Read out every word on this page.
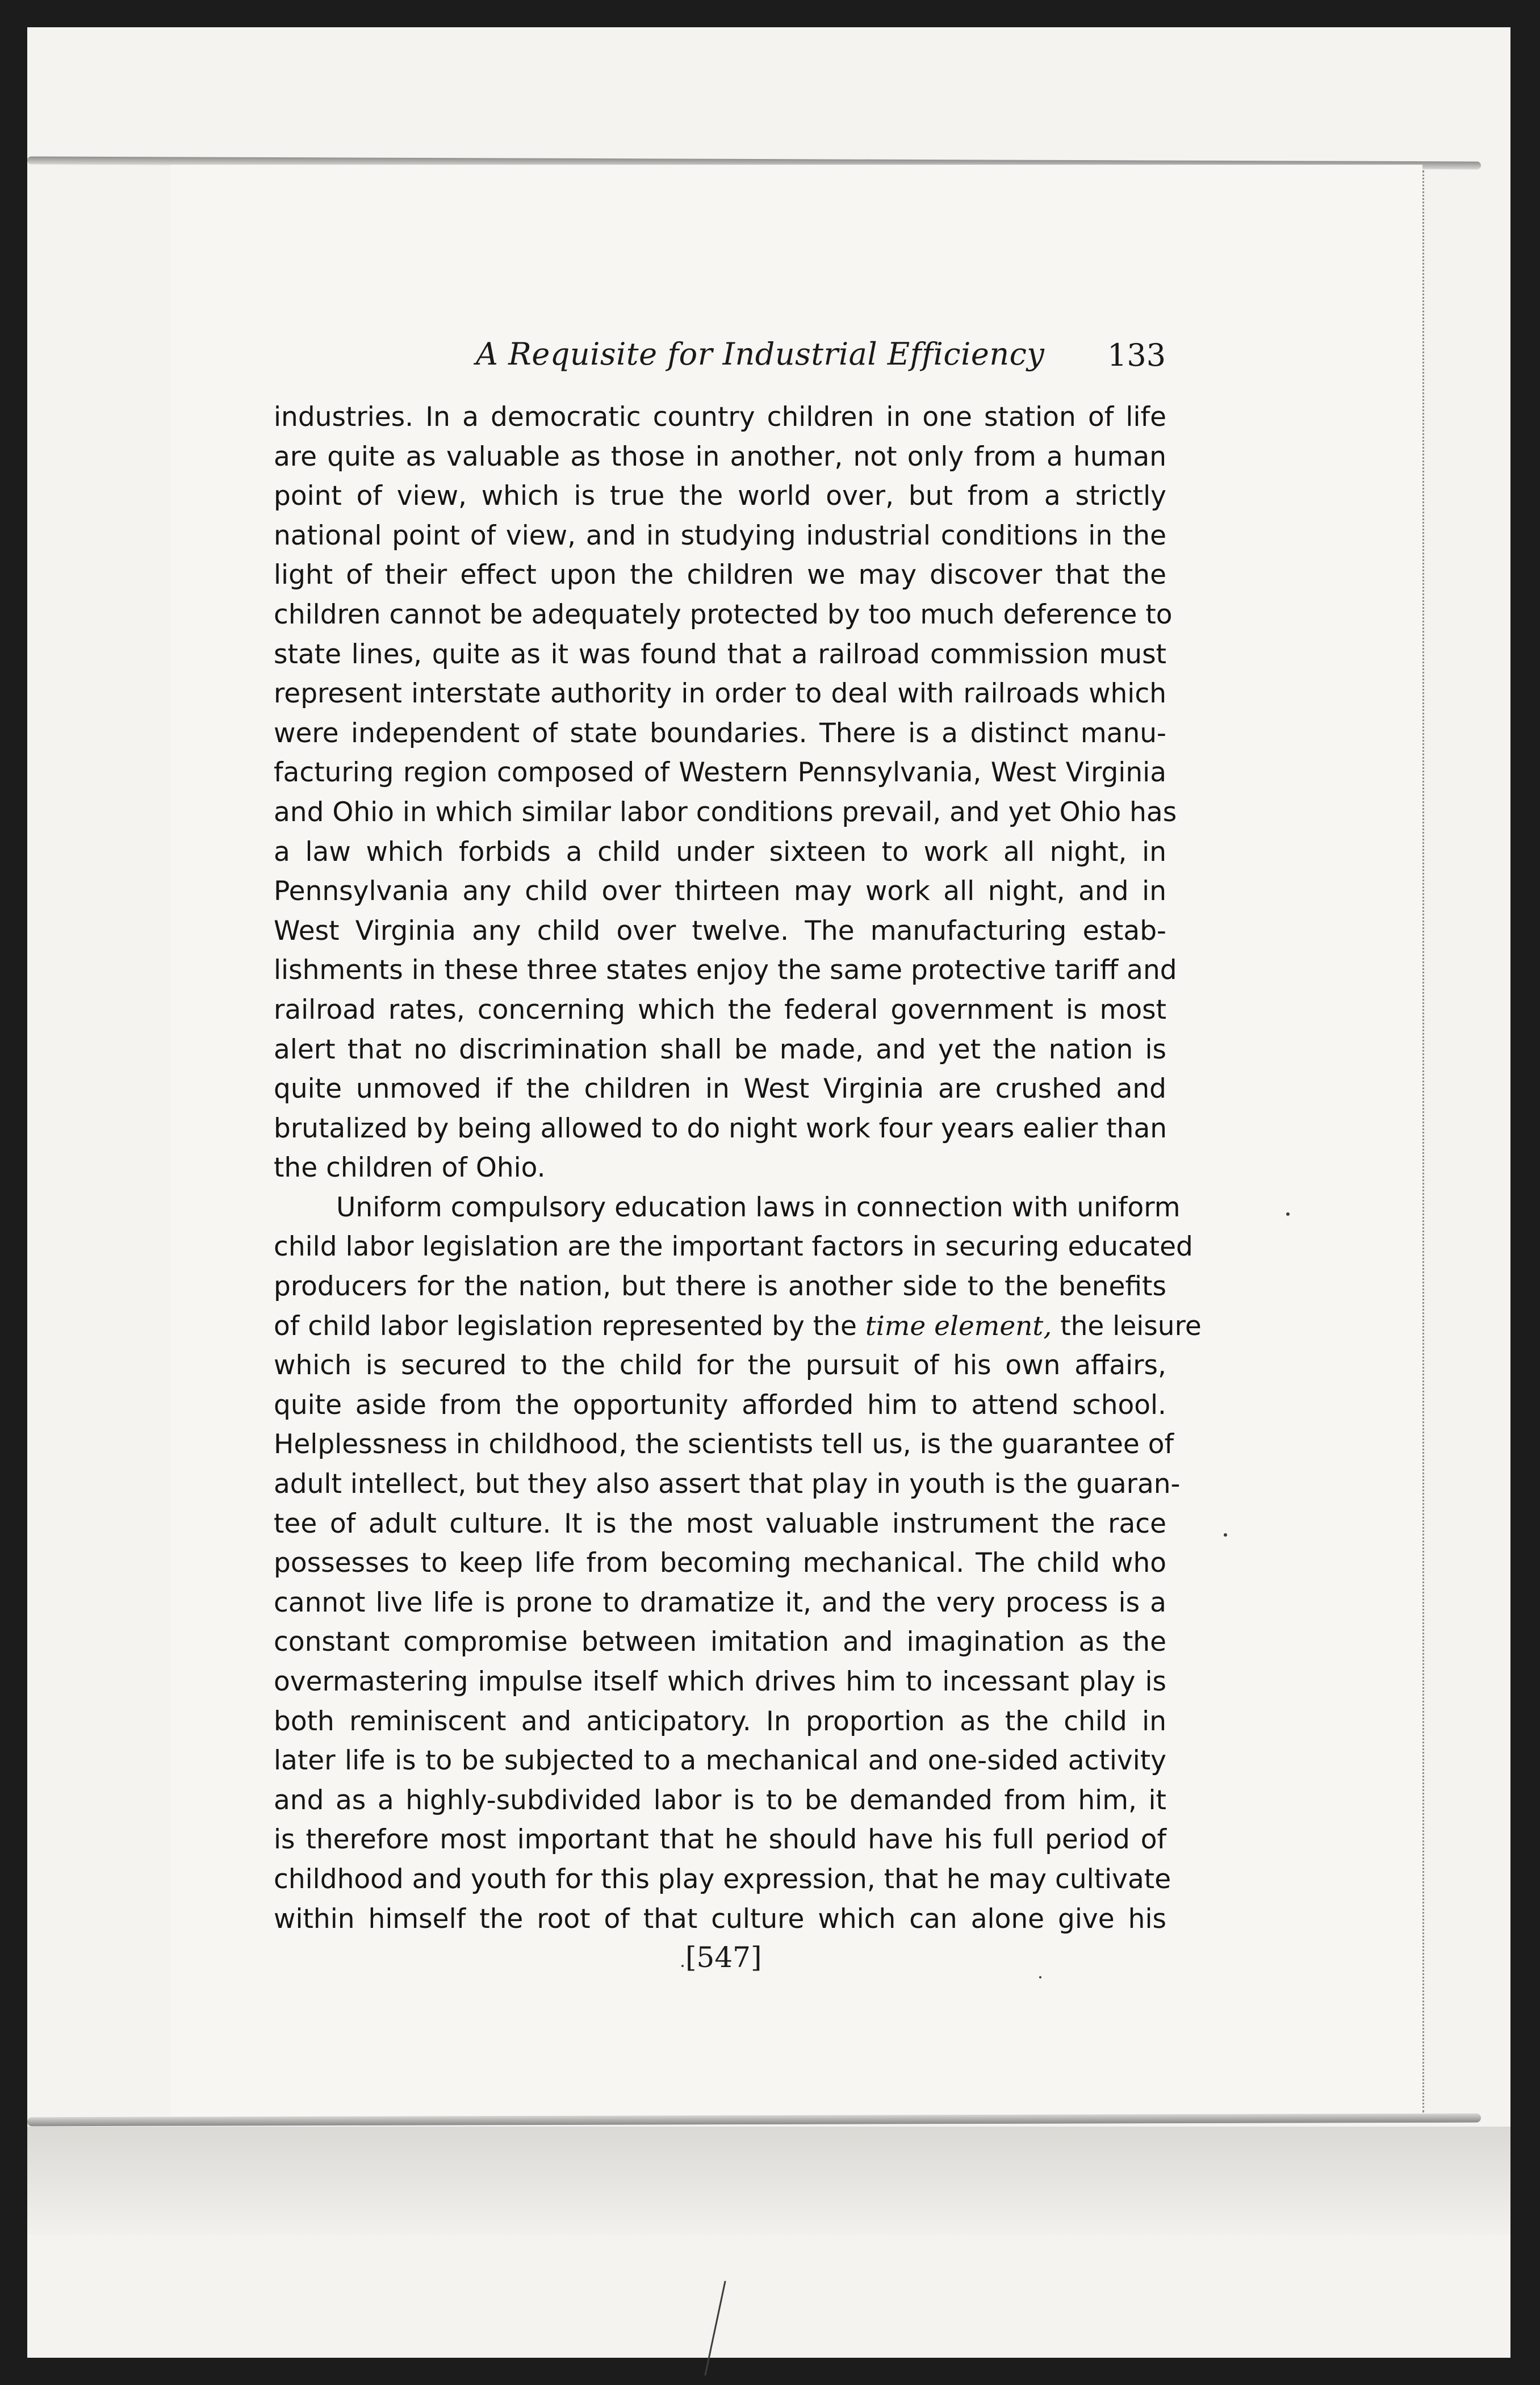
A Requisite for Industrial Efficiency 133
industries. In a democratic country children in one station of life
are quite as valuable as those in another, not only from a human
point of view, which is true the world over, but from a strictly
national point of view, and in studying industrial conditions in the
light of their effect upon the children we may discover that the
children cannot be adequately protected by too much deference to
state lines, quite as it was found that a railroad commission must
represent interstate authority in order to deal with railroads which
were independent of state boundaries. There is a distinct manu-
facturing region composed of Western Pennsylvania, West Virginia
and Ohio in which similar labor conditions prevail, and yet Ohio has
a law which forbids a child under sixteen to work all night, in
Pennsylvania any child over thirteen may work all night, and in
West Virginia any child over twelve. The manufacturing estab-
lishments in these three states enjoy the same protective tariff and
railroad rates, concerning which the federal government is most
alert that no discrimination shall be made, and yet the nation is
quite unmoved if the children in West Virginia are crushed and
brutalized by being allowed to do night work four years ealier than
the children of Ohio.
Uniform compulsory education laws in connection with uniform
child labor legislation are the important factors in securing educated
producers for the nation, but there is another side to the benefits
of child labor legislation represented by the time element, the leisure
which is secured to the child for the pursuit of his own affairs,
quite aside from the opportunity afforded him to attend school.
Helplessness in childhood, the scientists tell us, is the guarantee of
adult intellect, but they also assert that play in youth is the guaran-
tee of adult culture. It is the most valuable instrument the race
possesses to keep life from becoming mechanical. The child who
cannot live life is prone to dramatize it, and the very process is a
constant compromise between imitation and imagination as the
overmastering impulse itself which drives him to incessant play is
both reminiscent and anticipatory. In proportion as the child in
later life is to be subjected to a mechanical and one-sided activity
and as a highly-subdivided labor is to be demanded from him, it
is therefore most important that he should have his full period of
childhood and youth for this play expression, that he may cultivate
within himself the root of that culture which can alone give his
[547]
